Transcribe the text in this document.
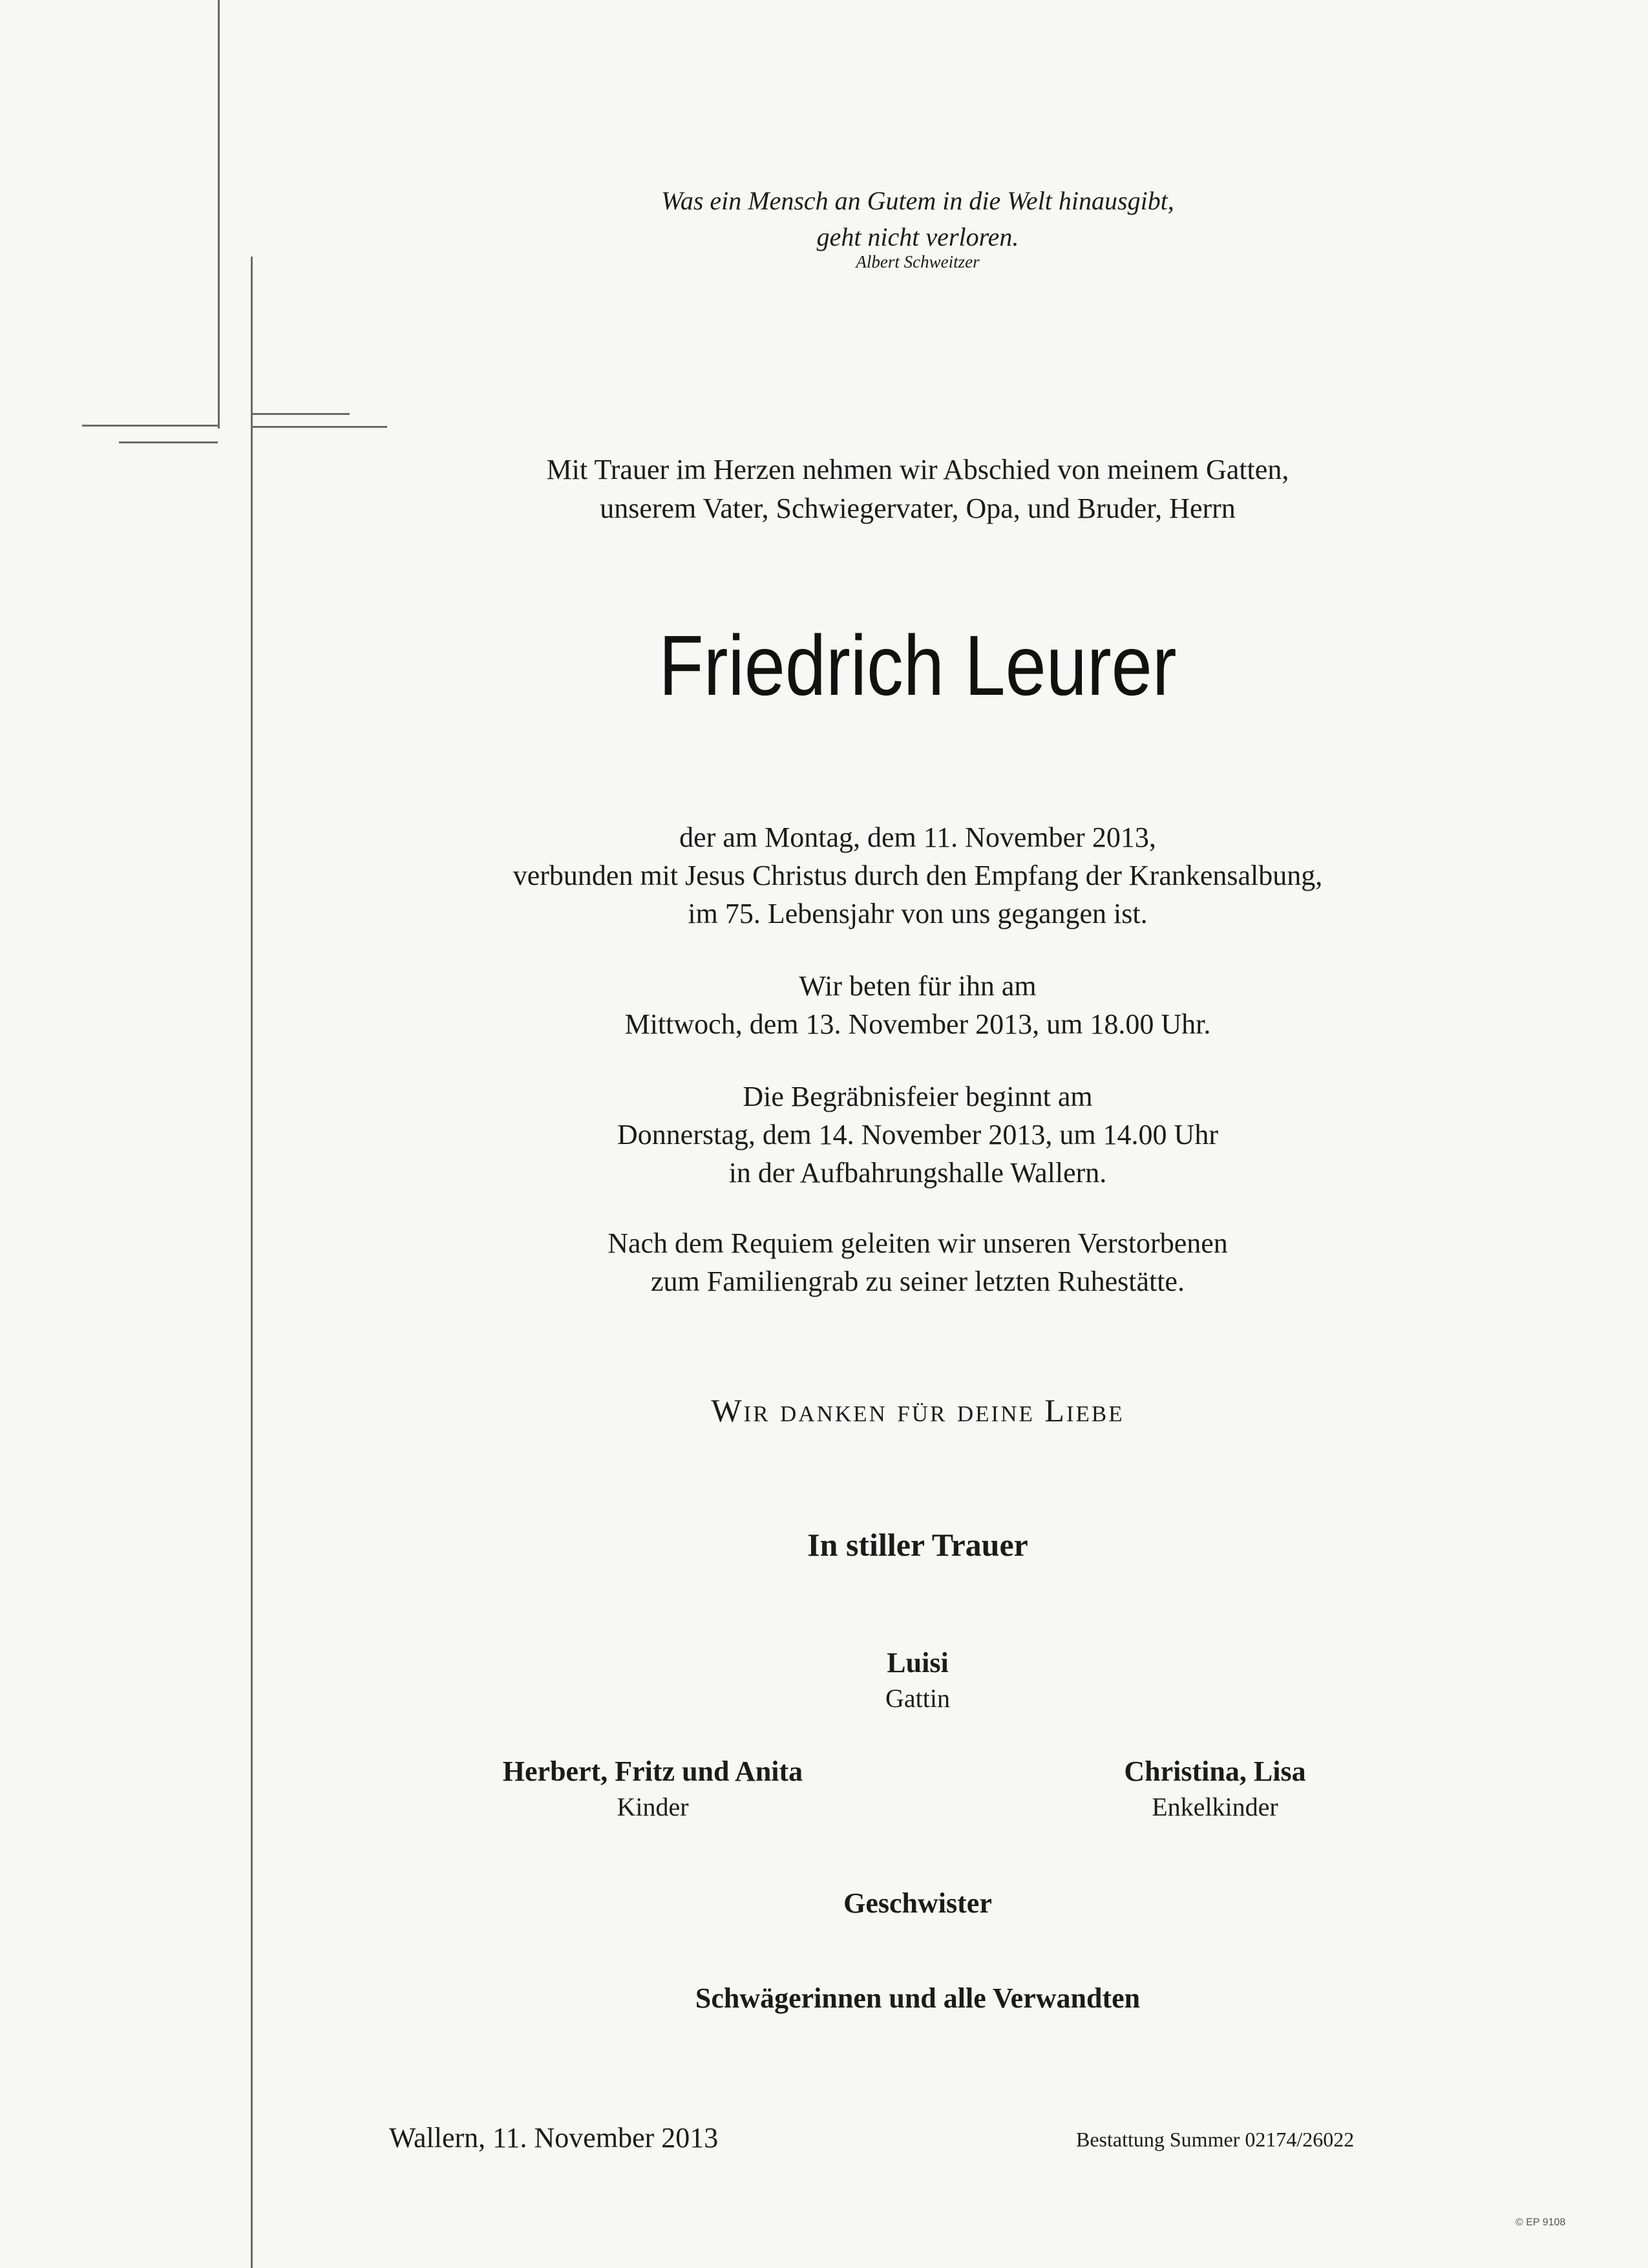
Was ein Mensch an Gutem in die Welt hinausgibt,
geht nicht verloren.
Albert Schweitzer
Mit Trauer im Herzen nehmen wir Abschied von meinem Gatten,
unserem Vater, Schwiegervater, Opa, und Bruder, Herrn
Friedrich Leurer
der am Montag, dem 11. November 2013,
verbunden mit Jesus Christus durch den Empfang der Krankensalbung,
im 75. Lebensjahr von uns gegangen ist.
Wir beten für ihn am
Mittwoch, dem 13. November 2013, um 18.00 Uhr.
Die Begräbnisfeier beginnt am
Donnerstag, dem 14. November 2013, um 14.00 Uhr
in der Aufbahrungshalle Wallern.
Nach dem Requiem geleiten wir unseren Verstorbenen
zum Familiengrab zu seiner letzten Ruhestätte.
Wir danken für deine Liebe
In stiller Trauer
Luisi
Gattin
Herbert, Fritz und Anita
Kinder
Christina, Lisa
Enkelkinder
Geschwister
Schwägerinnen und alle Verwandten
Wallern, 11. November 2013	Bestattung Summer 02174/26022
© EP 9108
